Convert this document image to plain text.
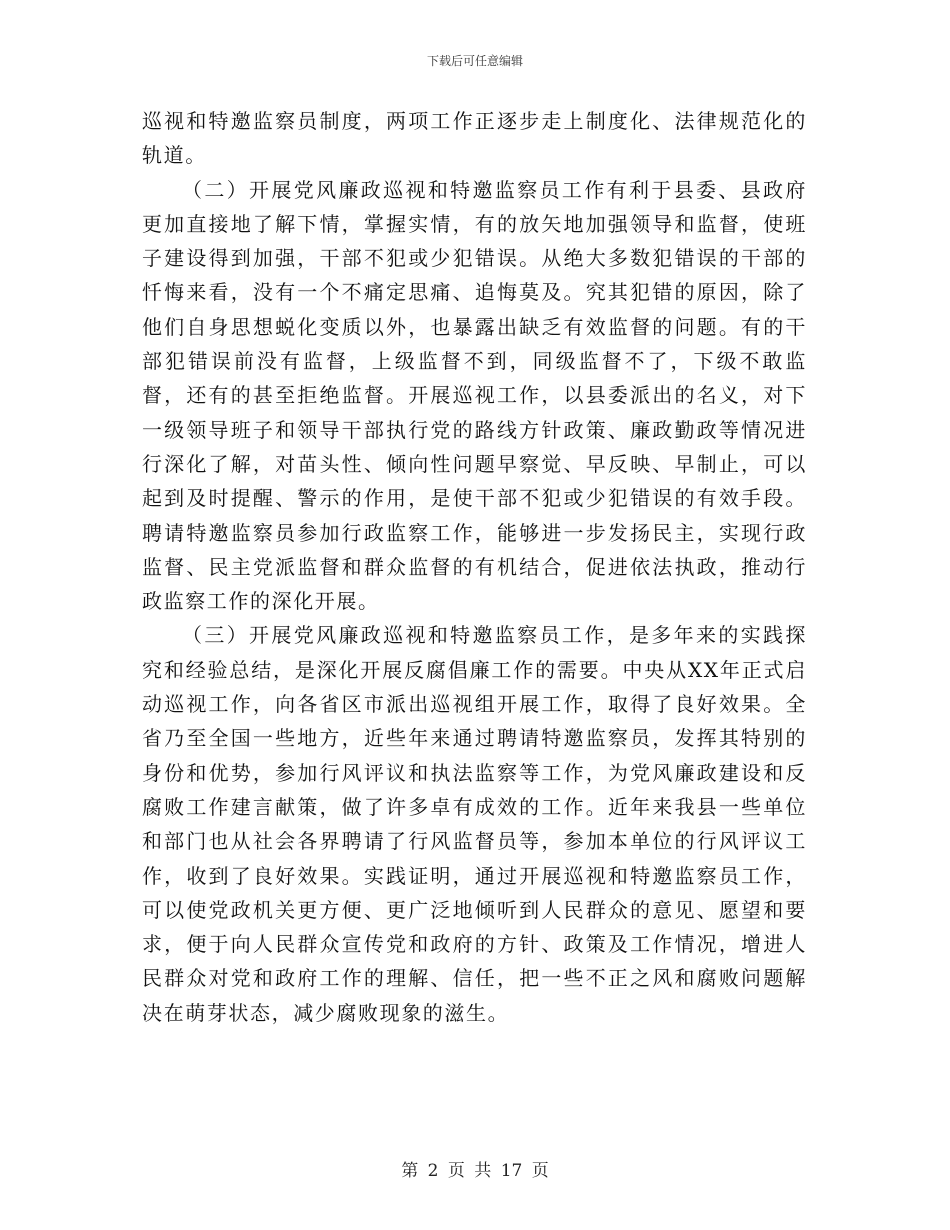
下载后可任意编辑

巡视和特邀监察员制度，两项工作正逐步走上制度化、法律规范化的轨道。

（二）开展党风廉政巡视和特邀监察员工作有利于县委、县政府更加直接地了解下情，掌握实情，有的放矢地加强领导和监督，使班子建设得到加强，干部不犯或少犯错误。从绝大多数犯错误的干部的忏悔来看，没有一个不痛定思痛、追悔莫及。究其犯错的原因，除了他们自身思想蜕化变质以外，也暴露出缺乏有效监督的问题。有的干部犯错误前没有监督，上级监督不到，同级监督不了，下级不敢监督，还有的甚至拒绝监督。开展巡视工作，以县委派出的名义，对下一级领导班子和领导干部执行党的路线方针政策、廉政勤政等情况进行深化了解，对苗头性、倾向性问题早察觉、早反映、早制止，可以起到及时提醒、警示的作用，是使干部不犯或少犯错误的有效手段。聘请特邀监察员参加行政监察工作，能够进一步发扬民主，实现行政监督、民主党派监督和群众监督的有机结合，促进依法执政，推动行政监察工作的深化开展。

（三）开展党风廉政巡视和特邀监察员工作，是多年来的实践探究和经验总结，是深化开展反腐倡廉工作的需要。中央从XX年正式启动巡视工作，向各省区市派出巡视组开展工作，取得了良好效果。全省乃至全国一些地方，近些年来通过聘请特邀监察员，发挥其特别的身份和优势，参加行风评议和执法监察等工作，为党风廉政建设和反腐败工作建言献策，做了许多卓有成效的工作。近年来我县一些单位和部门也从社会各界聘请了行风监督员等，参加本单位的行风评议工作，收到了良好效果。实践证明，通过开展巡视和特邀监察员工作，可以使党政机关更方便、更广泛地倾听到人民群众的意见、愿望和要求，便于向人民群众宣传党和政府的方针、政策及工作情况，增进人民群众对党和政府工作的理解、信任，把一些不正之风和腐败问题解决在萌芽状态，减少腐败现象的滋生。

第 2 页 共 17 页
